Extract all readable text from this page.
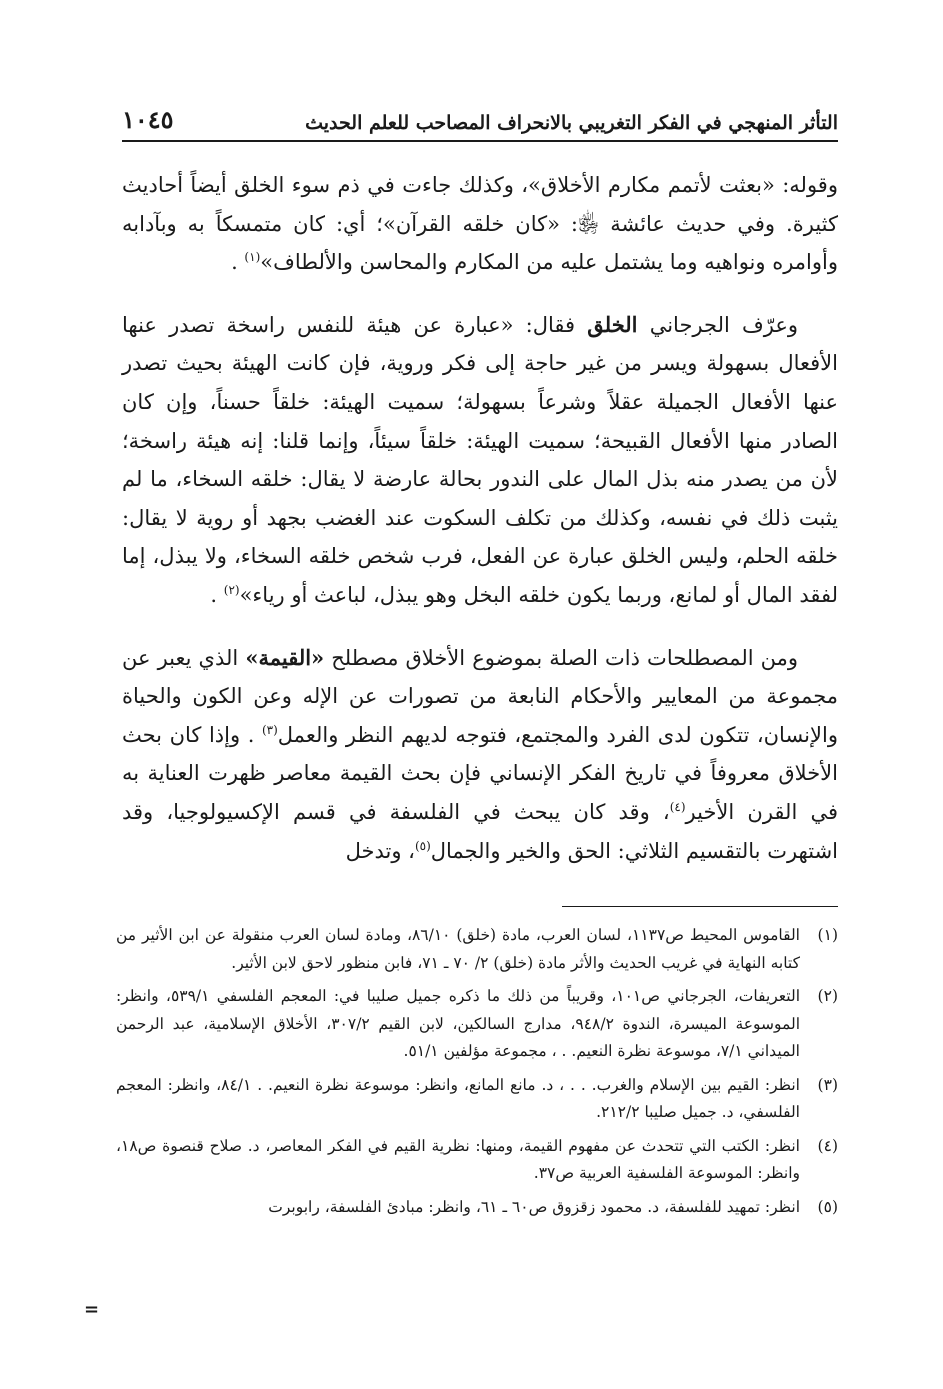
التأثر المنهجي في الفكر التغريبي بالانحراف المصاحب للعلم الحديث
١٠٤٥

وقوله: «بعثت لأتمم مكارم الأخلاق»، وكذلك جاءت في ذم سوء الخلق أيضاً أحاديث كثيرة. وفي حديث عائشة ﵂: «كان خلقه القرآن»؛ أي: كان متمسكاً به وبآدابه وأوامره ونواهيه وما يشتمل عليه من المكارم والمحاسن والألطاف»$^{(١)}$ .

وعرّف الجرجاني الخلق فقال: «عبارة عن هيئة للنفس راسخة تصدر عنها الأفعال بسهولة ويسر من غير حاجة إلى فكر وروية، فإن كانت الهيئة بحيث تصدر عنها الأفعال الجميلة عقلاً وشرعاً بسهولة؛ سميت الهيئة: خلقاً حسناً، وإن كان الصادر منها الأفعال القبيحة؛ سميت الهيئة: خلقاً سيئاً، وإنما قلنا: إنه هيئة راسخة؛ لأن من يصدر منه بذل المال على الندور بحالة عارضة لا يقال: خلقه السخاء، ما لم يثبت ذلك في نفسه، وكذلك من تكلف السكوت عند الغضب بجهد أو روية لا يقال: خلقه الحلم، وليس الخلق عبارة عن الفعل، فرب شخص خلقه السخاء، ولا يبذل، إما لفقد المال أو لمانع، وربما يكون خلقه البخل وهو يبذل، لباعث أو رياء»$^{(٢)}$ .

ومن المصطلحات ذات الصلة بموضوع الأخلاق مصطلح «القيمة» الذي يعبر عن مجموعة من المعايير والأحكام النابعة من تصورات عن الإله وعن الكون والحياة والإنسان، تتكون لدى الفرد والمجتمع، فتوجه لديهم النظر والعمل$^{(٣)}$ . وإذا كان بحث الأخلاق معروفاً في تاريخ الفكر الإنساني فإن بحث القيمة معاصر ظهرت العناية به في القرن الأخير$^{(٤)}$، وقد كان يبحث في الفلسفة في قسم الإكسيولوجيا، وقد اشتهرت بالتقسيم الثلاثي: الحق والخير والجمال$^{(٥)}$، وتدخل

(١)
القاموس المحيط ص١١٣٧، لسان العرب، مادة (خلق) ٨٦/١٠، ومادة لسان العرب منقولة عن ابن الأثير من كتابه النهاية في غريب الحديث والأثر مادة (خلق) ٢/ ٧٠ ـ ٧١، فابن منظور لاحق لابن الأثير.
(٢)
التعريفات، الجرجاني ص١٠١، وقريباً من ذلك ما ذكره جميل صليبا في: المعجم الفلسفي ٥٣٩/١، وانظر: الموسوعة الميسرة، الندوة ٩٤٨/٢، مدارج السالكين، لابن القيم ٣٠٧/٢، الأخلاق الإسلامية، عبد الرحمن الميداني ٧/١، موسوعة نظرة النعيم. . ، مجموعة مؤلفين ٥١/١.
(٣)
انظر: القيم بين الإسلام والغرب. . . ، د. مانع المانع، وانظر: موسوعة نظرة النعيم. . ٨٤/١، وانظر: المعجم الفلسفي، د. جميل صليبا ٢١٢/٢.
(٤)
انظر: الكتب التي تتحدث عن مفهوم القيمة، ومنها: نظرية القيم في الفكر المعاصر، د. صلاح قنصوة ص١٨، وانظر: الموسوعة الفلسفية العربية ص٣٧.
(٥)
انظر: تمهيد للفلسفة، د. محمود زقزوق ص٦٠ ـ ٦١، وانظر: مبادئ الفلسفة، رابوبرت
=
